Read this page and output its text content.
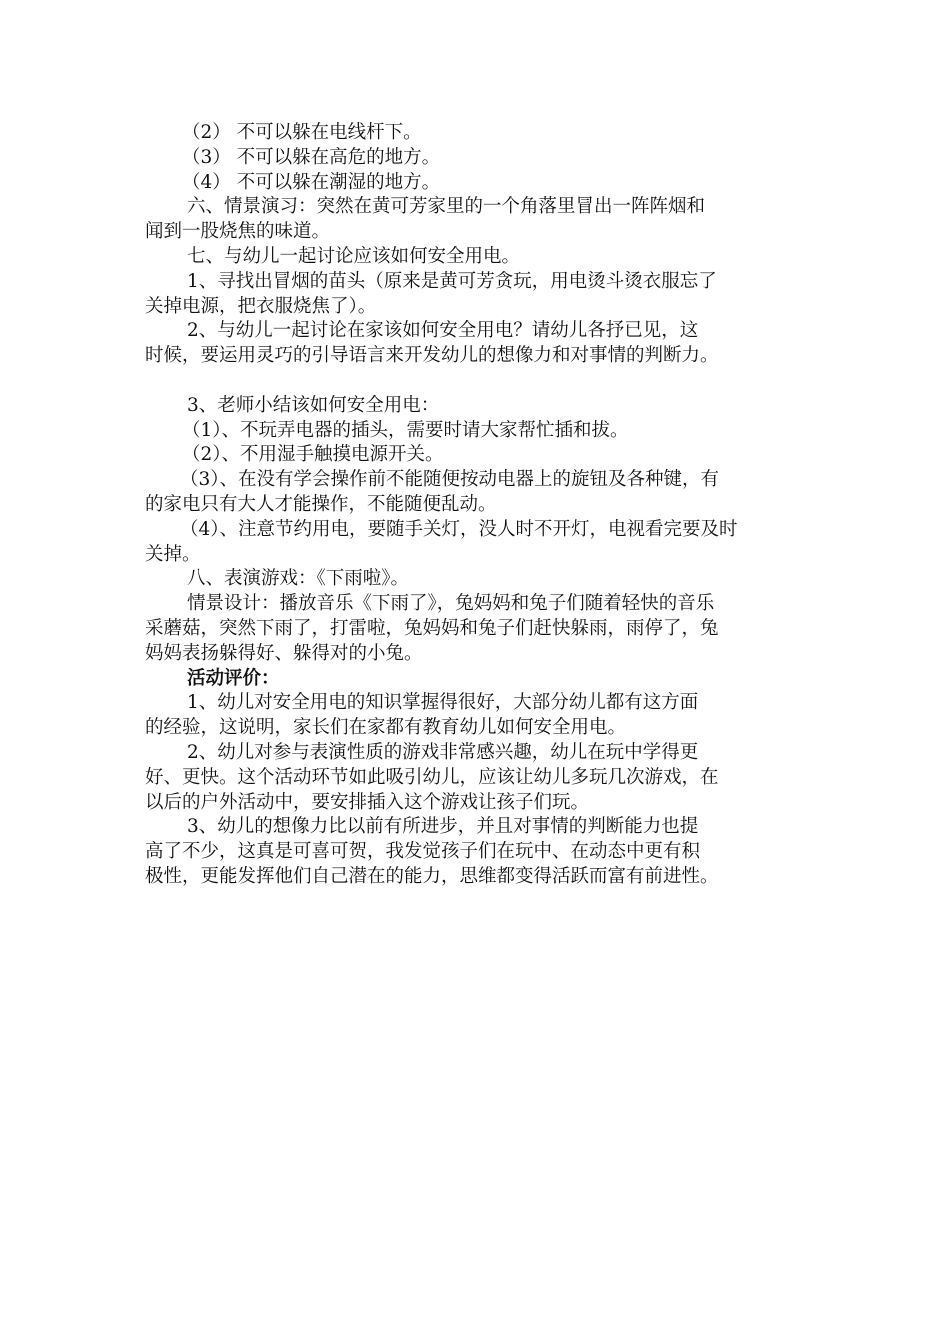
（2） 不可以躲在电线杆下。

（3） 不可以躲在高危的地方。

（4） 不可以躲在潮湿的地方。

六、情景演习：突然在黄可芳家里的一个角落里冒出一阵阵烟和

闻到一股烧焦的味道。

七、与幼儿一起讨论应该如何安全用电。

1、寻找出冒烟的苗头（原来是黄可芳贪玩，用电烫斗烫衣服忘了

关掉电源，把衣服烧焦了）。

2、与幼儿一起讨论在家该如何安全用电？请幼儿各抒已见，这

时候，要运用灵巧的引导语言来开发幼儿的想像力和对事情的判断力。

3、老师小结该如何安全用电：

（1）、不玩弄电器的插头，需要时请大家帮忙插和拔。

（2）、不用湿手触摸电源开关。

（3）、在没有学会操作前不能随便按动电器上的旋钮及各种键，有

的家电只有大人才能操作，不能随便乱动。

（4）、注意节约用电，要随手关灯，没人时不开灯，电视看完要及时

关掉。

八、表演游戏：《下雨啦》。

情景设计：播放音乐《下雨了》，兔妈妈和兔子们随着轻快的音乐

采蘑菇，突然下雨了，打雷啦，兔妈妈和兔子们赶快躲雨，雨停了，兔

妈妈表扬躲得好、躲得对的小兔。

活动评价：

1、幼儿对安全用电的知识掌握得很好，大部分幼儿都有这方面

的经验，这说明，家长们在家都有教育幼儿如何安全用电。

2、幼儿对参与表演性质的游戏非常感兴趣，幼儿在玩中学得更

好、更快。这个活动环节如此吸引幼儿，应该让幼儿多玩几次游戏，在

以后的户外活动中，要安排插入这个游戏让孩子们玩。

3、幼儿的想像力比以前有所进步，并且对事情的判断能力也提

高了不少，这真是可喜可贺，我发觉孩子们在玩中、在动态中更有积

极性，更能发挥他们自己潜在的能力，思维都变得活跃而富有前进性。
